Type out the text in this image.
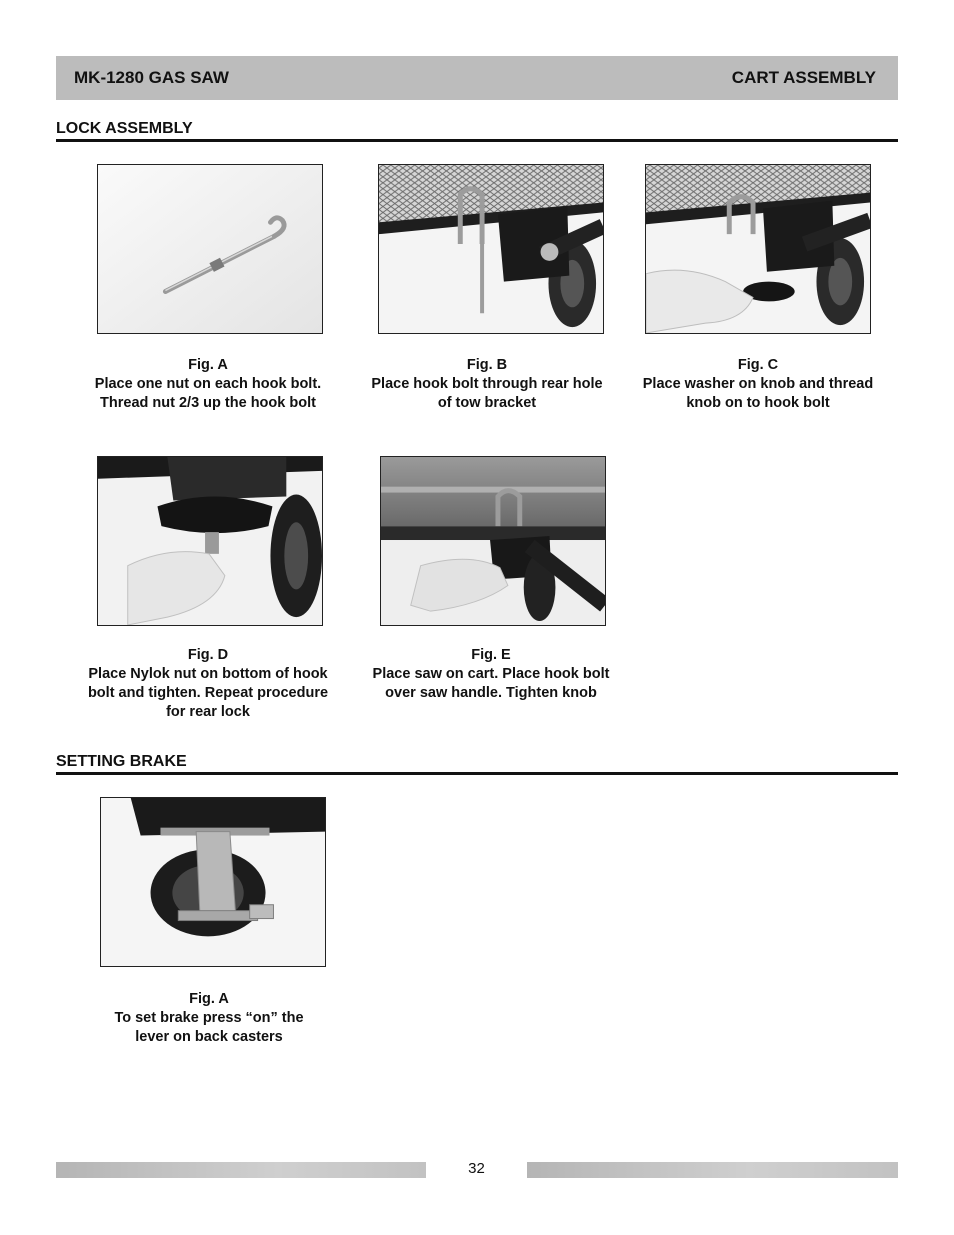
MK-1280 GAS SAW	CART ASSEMBLY
LOCK ASSEMBLY
Fig. A
Place one nut on each hook bolt.
Thread nut 2/3 up the hook bolt
Fig. B
Place hook bolt through rear hole
of tow bracket
Fig. C
Place washer on knob and thread
knob on to hook bolt
Fig. D
Place Nylok nut on bottom of hook
bolt and tighten. Repeat procedure
for rear lock
Fig. E
Place saw on cart. Place hook bolt
over saw handle. Tighten knob
SETTING BRAKE
Fig. A
To set brake press “on” the
lever on back casters
32
